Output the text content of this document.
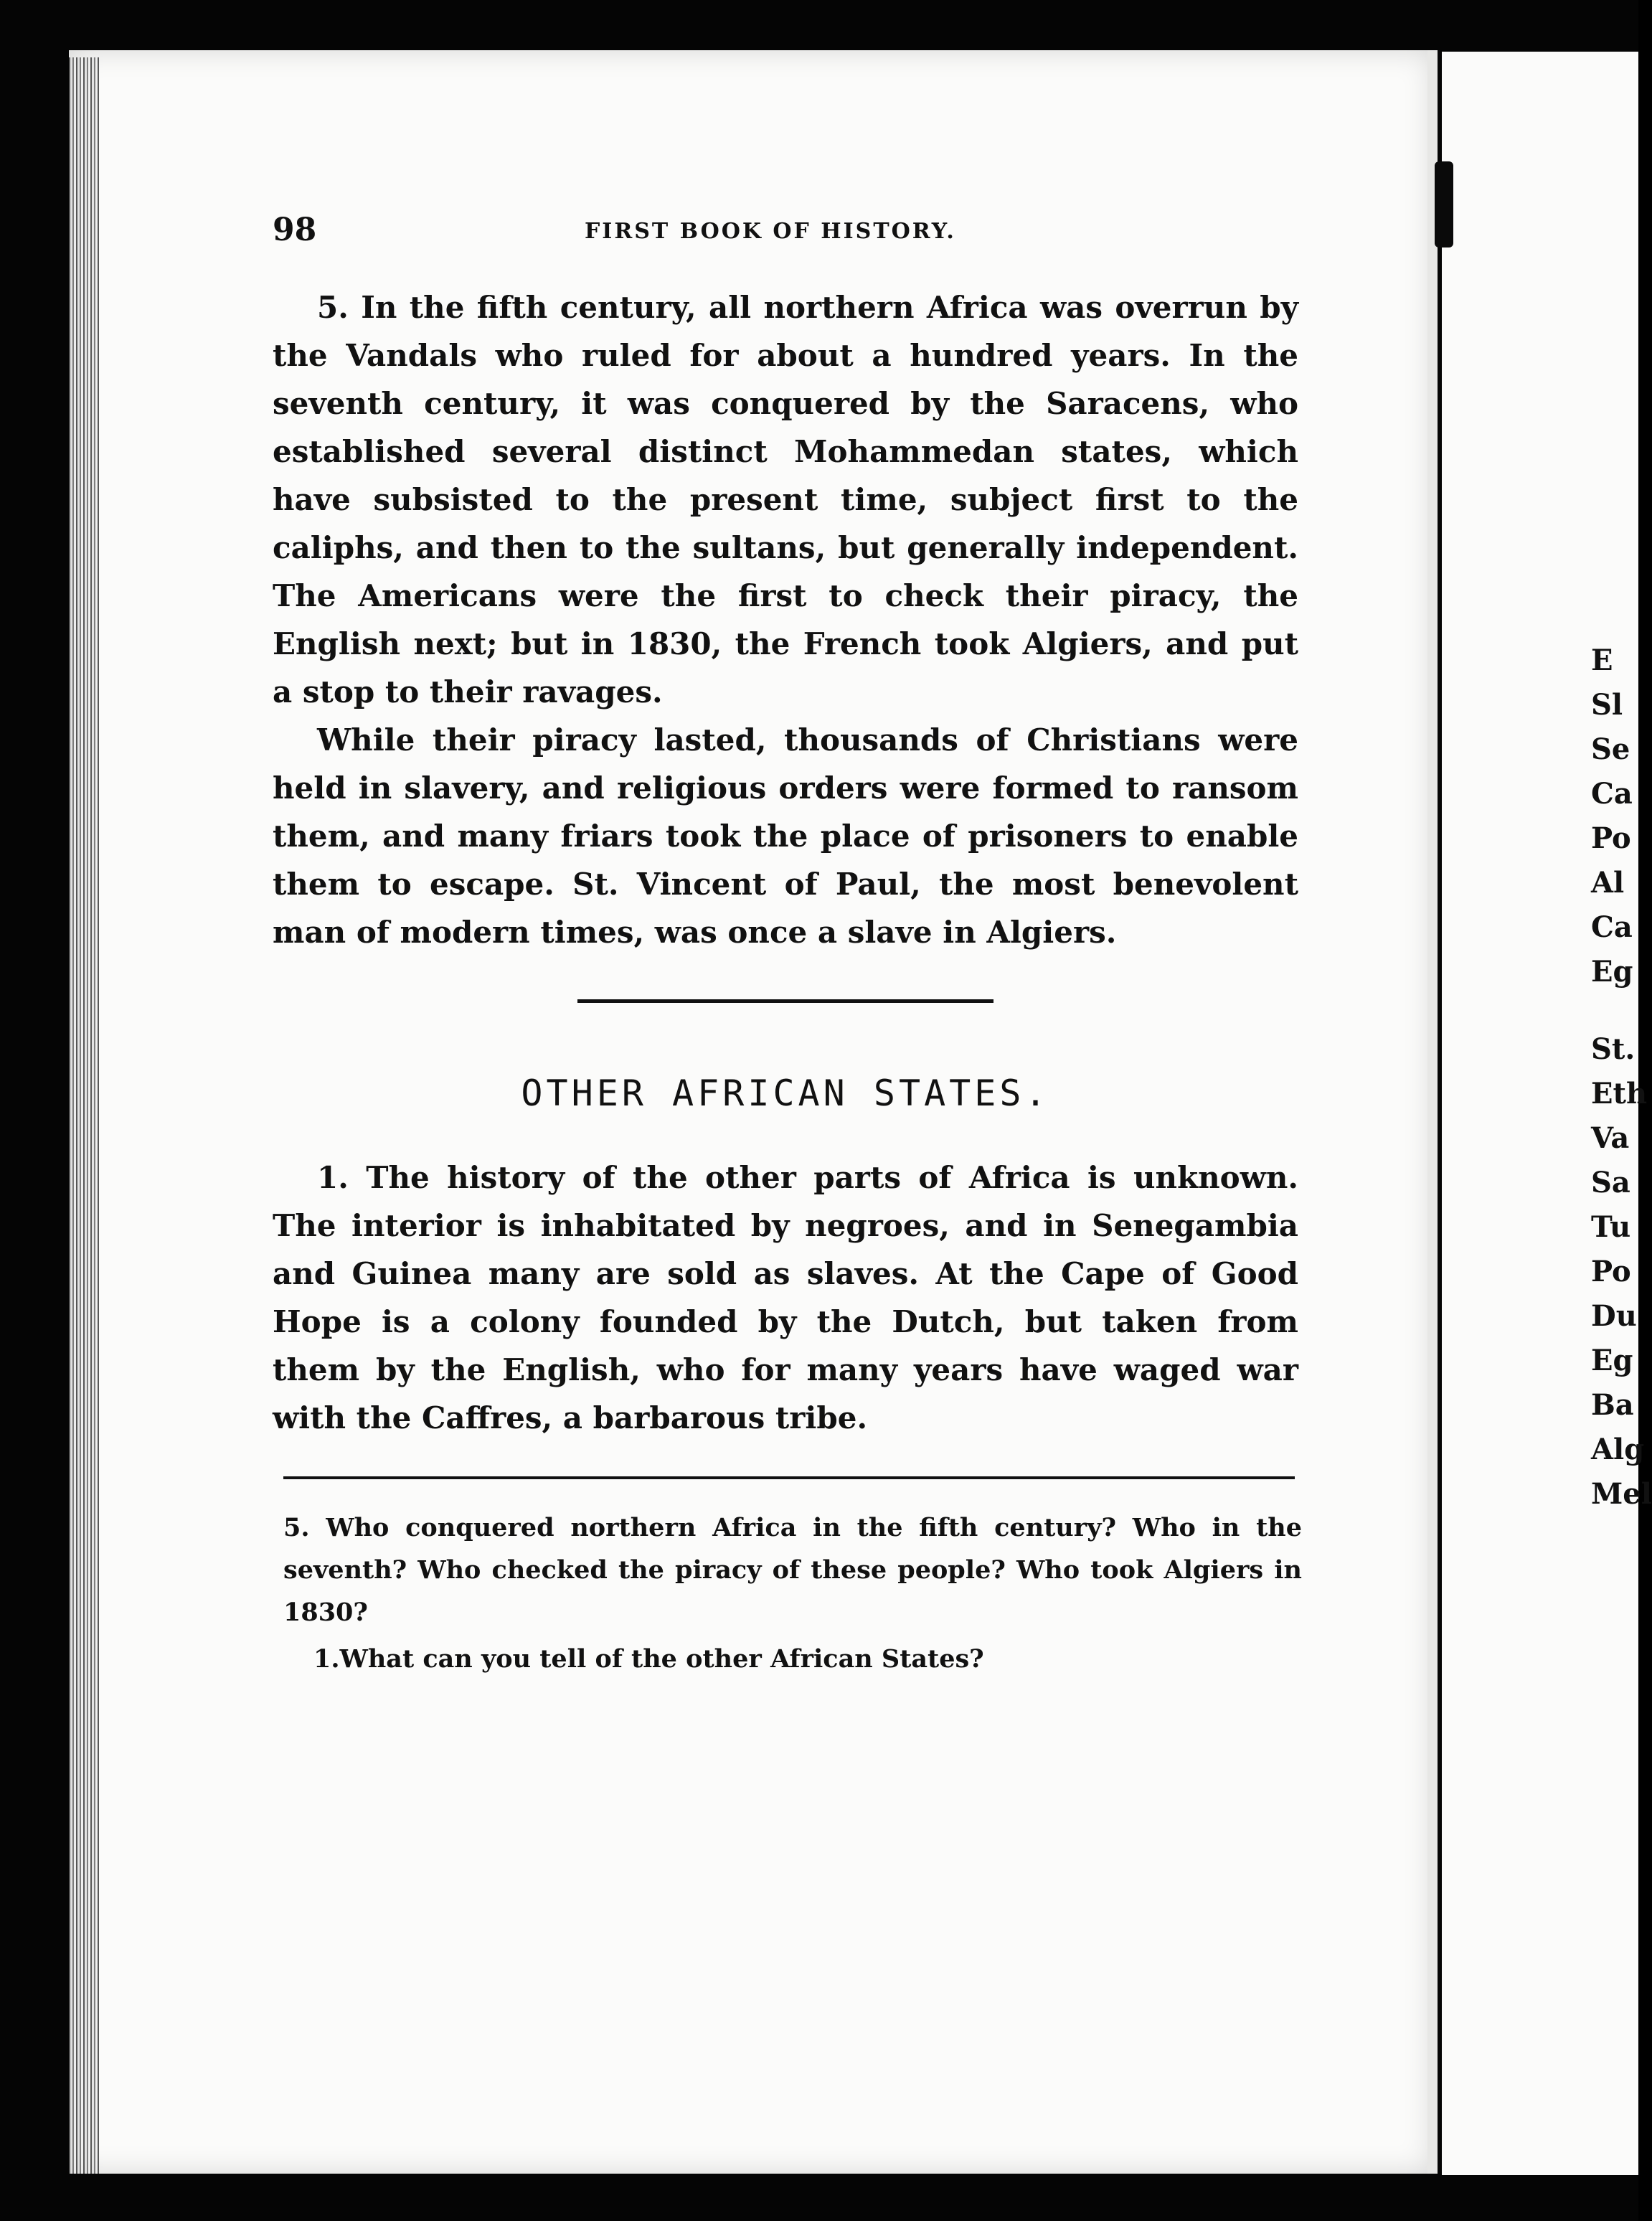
98	FIRST BOOK OF HISTORY.

5. In the fifth century, all northern Africa was overrun by the Vandals who ruled for about a hundred years. In the seventh century, it was conquered by the Saracens, who established several distinct Mohammedan states, which have subsisted to the present time, subject first to the caliphs, and then to the sultans, but generally independent. The Americans were the first to check their piracy, the English next; but in 1830, the French took Algiers, and put a stop to their ravages.

While their piracy lasted, thousands of Christians were held in slavery, and religious orders were formed to ransom them, and many friars took the place of prisoners to enable them to escape. St. Vincent of Paul, the most benevolent man of modern times, was once a slave in Algiers.

OTHER AFRICAN STATES.

1. The history of the other parts of Africa is unknown. The interior is inhabitated by negroes, and in Senegambia and Guinea many are sold as slaves. At the Cape of Good Hope is a colony founded by the Dutch, but taken from them by the English, who for many years have waged war with the Caffres, a barbarous tribe.

5. Who conquered northern Africa in the fifth century? Who in the seventh? Who checked the piracy of these people? Who took Algiers in 1830?

1.What can you tell of the other African States?

E
Sl
Se
Ca
Po
Al
Ca
Eg
St.
Eth
Va
Sa
Tu
Po
Du
Eg
Ba
Alg
Mel
